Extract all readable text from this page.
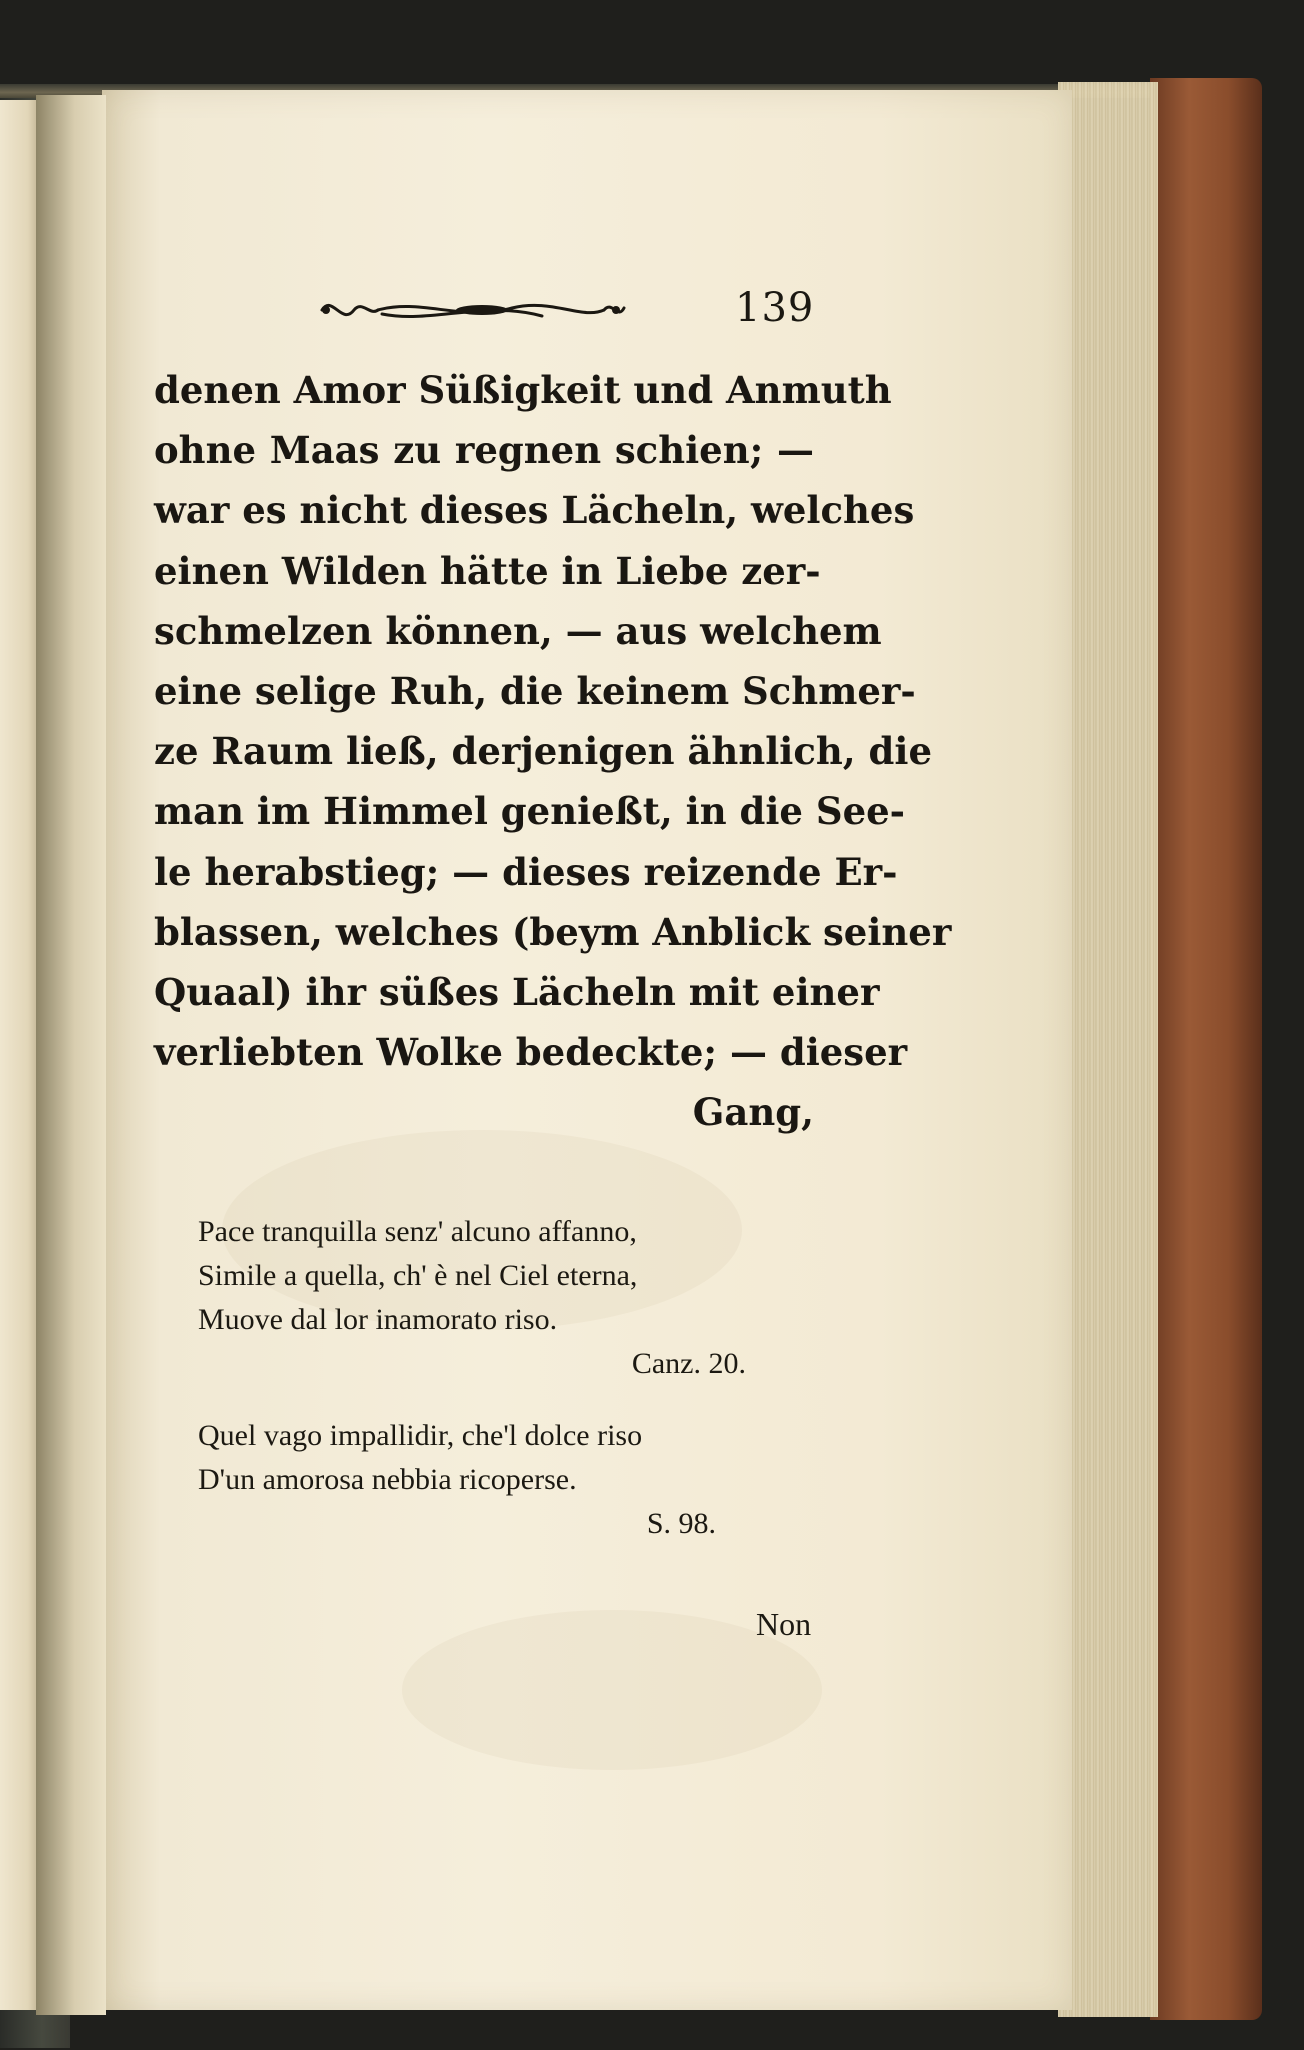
139
denen Amor Süßigkeit und Anmuth
ohne Maas zu regnen schien; —
war es nicht dieses Lächeln, welches
einen Wilden hätte in Liebe zer-
schmelzen können, — aus welchem
eine selige Ruh, die keinem Schmer-
ze Raum ließ, derjenigen ähnlich, die
man im Himmel genießt, in die See-
le herabstieg; — dieses reizende Er-
blassen, welches (beym Anblick seiner
Quaal) ihr süßes Lächeln mit einer
verliebten Wolke bedeckte; — dieser
Gang,
Pace tranquilla senz' alcuno affanno,
Simile a quella, ch' è nel Ciel eterna,
Muove dal lor inamorato riso.
Canz. 20.
Quel vago impallidir, che'l dolce riso
D'un amorosa nebbia ricoperse.
S. 98.
Non
